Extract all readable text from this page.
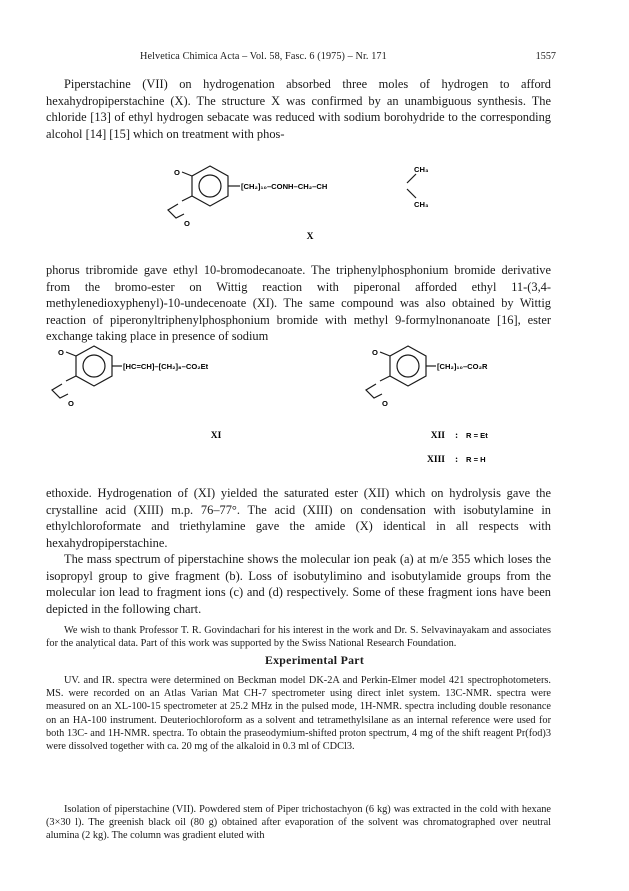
Helvetica Chimica Acta – Vol. 58, Fasc. 6 (1975) – Nr. 171	1557

Piperstachine (VII) on hydrogenation absorbed three moles of hydrogen to afford hexahydropiperstachine (X). The structure X was confirmed by an unambiguous synthesis. The chloride [13] of ethyl hydrogen sebacate was reduced with sodium borohydride to the corresponding alcohol [14] [15] which on treatment with phos-

O
O
[CH₂]₁₀–CONH–CH₂–CH
CH₃
CH₃
X

phorus tribromide gave ethyl 10-bromodecanoate. The triphenylphosphonium bromide derivative from the bromo-ester on Wittig reaction with piperonal afforded ethyl 11-(3,4-methylenedioxyphenyl)-10-undecenoate (XI). The same compound was also obtained by Wittig reaction of piperonyltriphenylphosphonium bromide with methyl 9-formylnonanoate [16], ester exchange taking place in presence of sodium

O
O
[HC=CH]–[CH₂]₈–CO₂Et
O
O
[CH₂]₁₀–CO₂R
XI	XII : R = Et
XIII : R = H

ethoxide. Hydrogenation of (XI) yielded the saturated ester (XII) which on hydrolysis gave the crystalline acid (XIII) m.p. 76–77°. The acid (XIII) on condensation with isobutylamine in ethylchloroformate and triethylamine gave the amide (X) identical in all respects with hexahydropiperstachine.

The mass spectrum of piperstachine shows the molecular ion peak (a) at m/e 355 which loses the isopropyl group to give fragment (b). Loss of isobutylimino and isobutylamide groups from the molecular ion lead to fragment ions (c) and (d) respectively. Some of these fragment ions have been depicted in the following chart.

We wish to thank Professor T. R. Govindachari for his interest in the work and Dr. S. Selvavinayakam and associates for the analytical data. Part of this work was supported by the Swiss National Research Foundation.

Experimental Part

UV. and IR. spectra were determined on Beckman model DK-2A and Perkin-Elmer model 421 spectrophotometers. MS. were recorded on an Atlas Varian Mat CH-7 spectrometer using direct inlet system. 13C-NMR. spectra were measured on an XL-100-15 spectrometer at 25.2 MHz in the pulsed mode, 1H-NMR. spectra including double resonance on an HA-100 instrument. Deuteriochloroform as a solvent and tetramethylsilane as an internal reference were used for both 13C- and 1H-NMR. spectra. To obtain the praseodymium-shifted proton spectrum, 4 mg of the shift reagent Pr(fod)3 were dissolved together with ca. 20 mg of the alkaloid in 0.3 ml of CDCl3.

Isolation of piperstachine (VII). Powdered stem of Piper trichostachyon (6 kg) was extracted in the cold with hexane (3×30 l). The greenish black oil (80 g) obtained after evaporation of the solvent was chromatographed over neutral alumina (2 kg). The column was gradient eluted with
